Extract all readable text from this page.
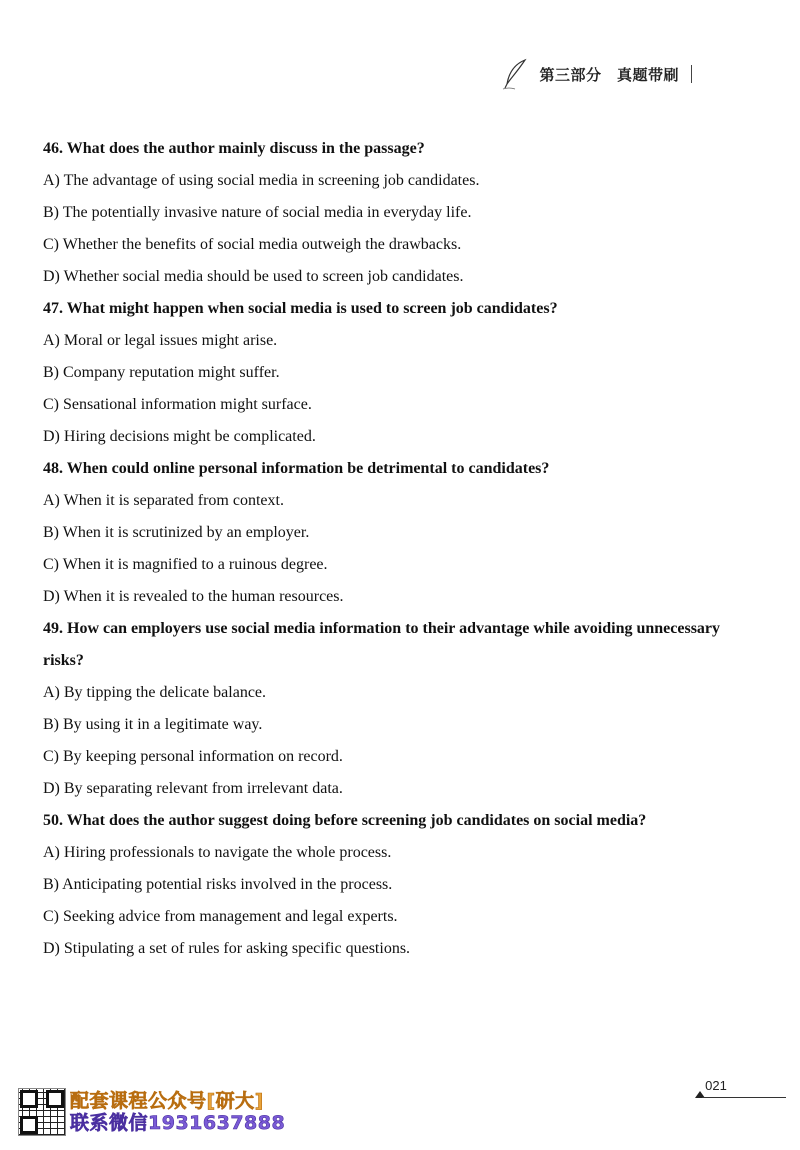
第三部分　真题带刷

46. What does the author mainly discuss in the passage?

A) The advantage of using social media in screening job candidates.

B) The potentially invasive nature of social media in everyday life.

C) Whether the benefits of social media outweigh the drawbacks.

D) Whether social media should be used to screen job candidates.

47. What might happen when social media is used to screen job candidates?

A) Moral or legal issues might arise.

B) Company reputation might suffer.

C) Sensational information might surface.

D) Hiring decisions might be complicated.

48. When could online personal information be detrimental to candidates?

A) When it is separated from context.

B) When it is scrutinized by an employer.

C) When it is magnified to a ruinous degree.

D) When it is revealed to the human resources.

49. How can employers use social media information to their advantage while avoiding unnecessary risks?

A) By tipping the delicate balance.

B) By using it in a legitimate way.

C) By keeping personal information on record.

D) By separating relevant from irrelevant data.

50. What does the author suggest doing before screening job candidates on social media?

A) Hiring professionals to navigate the whole process.

B) Anticipating potential risks involved in the process.

C) Seeking advice from management and legal experts.

D) Stipulating a set of rules for asking specific questions.

021
配套课程公众号[研大]
联系微信1931637888
